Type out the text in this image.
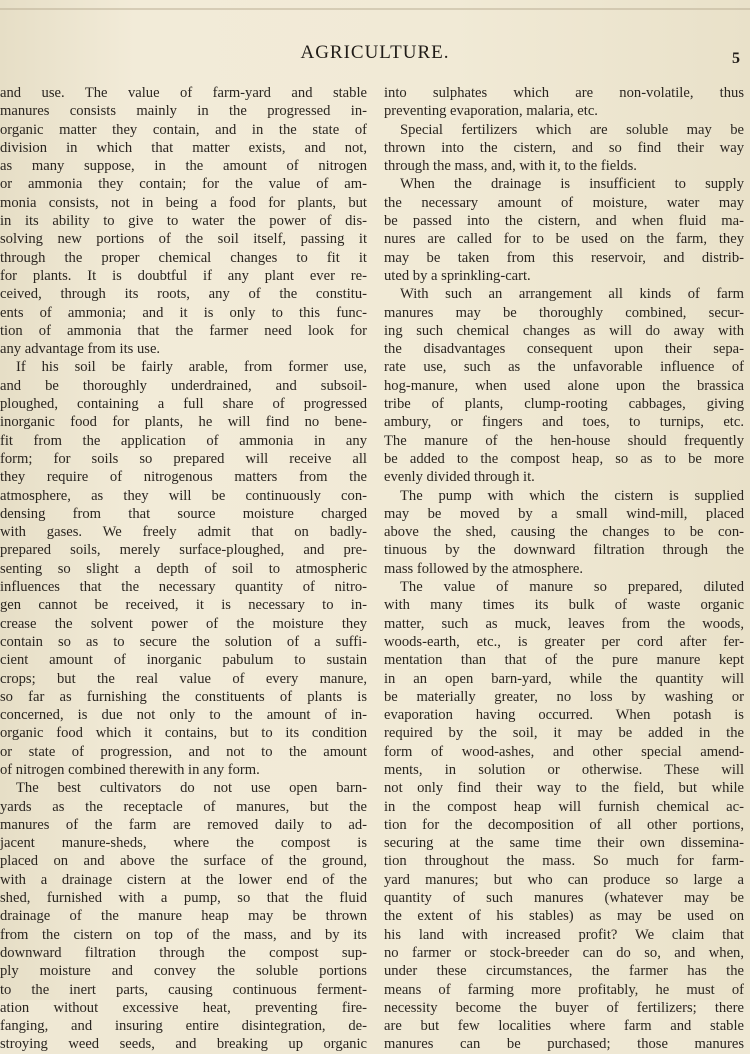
AGRICULTURE.	5
and use. The value of farm-yard and stable
manures consists mainly in the progressed in-
organic matter they contain, and in the state of
division in which that matter exists, and not,
as many suppose, in the amount of nitrogen
or ammonia they contain; for the value of am-
monia consists, not in being a food for plants, but
in its ability to give to water the power of dis-
solving new portions of the soil itself, passing it
through the proper chemical changes to fit it
for plants. It is doubtful if any plant ever re-
ceived, through its roots, any of the constitu-
ents of ammonia; and it is only to this func-
tion of ammonia that the farmer need look for
any advantage from its use.
If his soil be fairly arable, from former use,
and be thoroughly underdrained, and subsoil-
ploughed, containing a full share of progressed
inorganic food for plants, he will find no bene-
fit from the application of ammonia in any
form; for soils so prepared will receive all
they require of nitrogenous matters from the
atmosphere, as they will be continuously con-
densing from that source moisture charged
with gases. We freely admit that on badly-
prepared soils, merely surface-ploughed, and pre-
senting so slight a depth of soil to atmospheric
influences that the necessary quantity of nitro-
gen cannot be received, it is necessary to in-
crease the solvent power of the moisture they
contain so as to secure the solution of a suffi-
cient amount of inorganic pabulum to sustain
crops; but the real value of every manure,
so far as furnishing the constituents of plants is
concerned, is due not only to the amount of in-
organic food which it contains, but to its condition
or state of progression, and not to the amount
of nitrogen combined therewith in any form.
The best cultivators do not use open barn-
yards as the receptacle of manures, but the
manures of the farm are removed daily to ad-
jacent manure-sheds, where the compost is
placed on and above the surface of the ground,
with a drainage cistern at the lower end of the
shed, furnished with a pump, so that the fluid
drainage of the manure heap may be thrown
from the cistern on top of the mass, and by its
downward filtration through the compost sup-
ply moisture and convey the soluble portions
to the inert parts, causing continuous ferment-
ation without excessive heat, preventing fire-
fanging, and insuring entire disintegration, de-
stroying weed seeds, and breaking up organic
into sulphates which are non-volatile, thus
preventing evaporation, malaria, etc.
Special fertilizers which are soluble may be
thrown into the cistern, and so find their way
through the mass, and, with it, to the fields.
When the drainage is insufficient to supply
the necessary amount of moisture, water may
be passed into the cistern, and when fluid ma-
nures are called for to be used on the farm, they
may be taken from this reservoir, and distrib-
uted by a sprinkling-cart.
With such an arrangement all kinds of farm
manures may be thoroughly combined, secur-
ing such chemical changes as will do away with
the disadvantages consequent upon their sepa-
rate use, such as the unfavorable influence of
hog-manure, when used alone upon the brassica
tribe of plants, clump-rooting cabbages, giving
ambury, or fingers and toes, to turnips, etc.
The manure of the hen-house should frequently
be added to the compost heap, so as to be more
evenly divided through it.
The pump with which the cistern is supplied
may be moved by a small wind-mill, placed
above the shed, causing the changes to be con-
tinuous by the downward filtration through the
mass followed by the atmosphere.
The value of manure so prepared, diluted
with many times its bulk of waste organic
matter, such as muck, leaves from the woods,
woods-earth, etc., is greater per cord after fer-
mentation than that of the pure manure kept
in an open barn-yard, while the quantity will
be materially greater, no loss by washing or
evaporation having occurred. When potash is
required by the soil, it may be added in the
form of wood-ashes, and other special amend-
ments, in solution or otherwise. These will
not only find their way to the field, but while
in the compost heap will furnish chemical ac-
tion for the decomposition of all other portions,
securing at the same time their own dissemina-
tion throughout the mass. So much for farm-
yard manures; but who can produce so large a
quantity of such manures (whatever may be
the extent of his stables) as may be used on
his land with increased profit? We claim that
no farmer or stock-breeder can do so, and when,
under these circumstances, the farmer has the
means of farming more profitably, he must of
necessity become the buyer of fertilizers; there
are but few localities where farm and stable
manures can be purchased; those manures
